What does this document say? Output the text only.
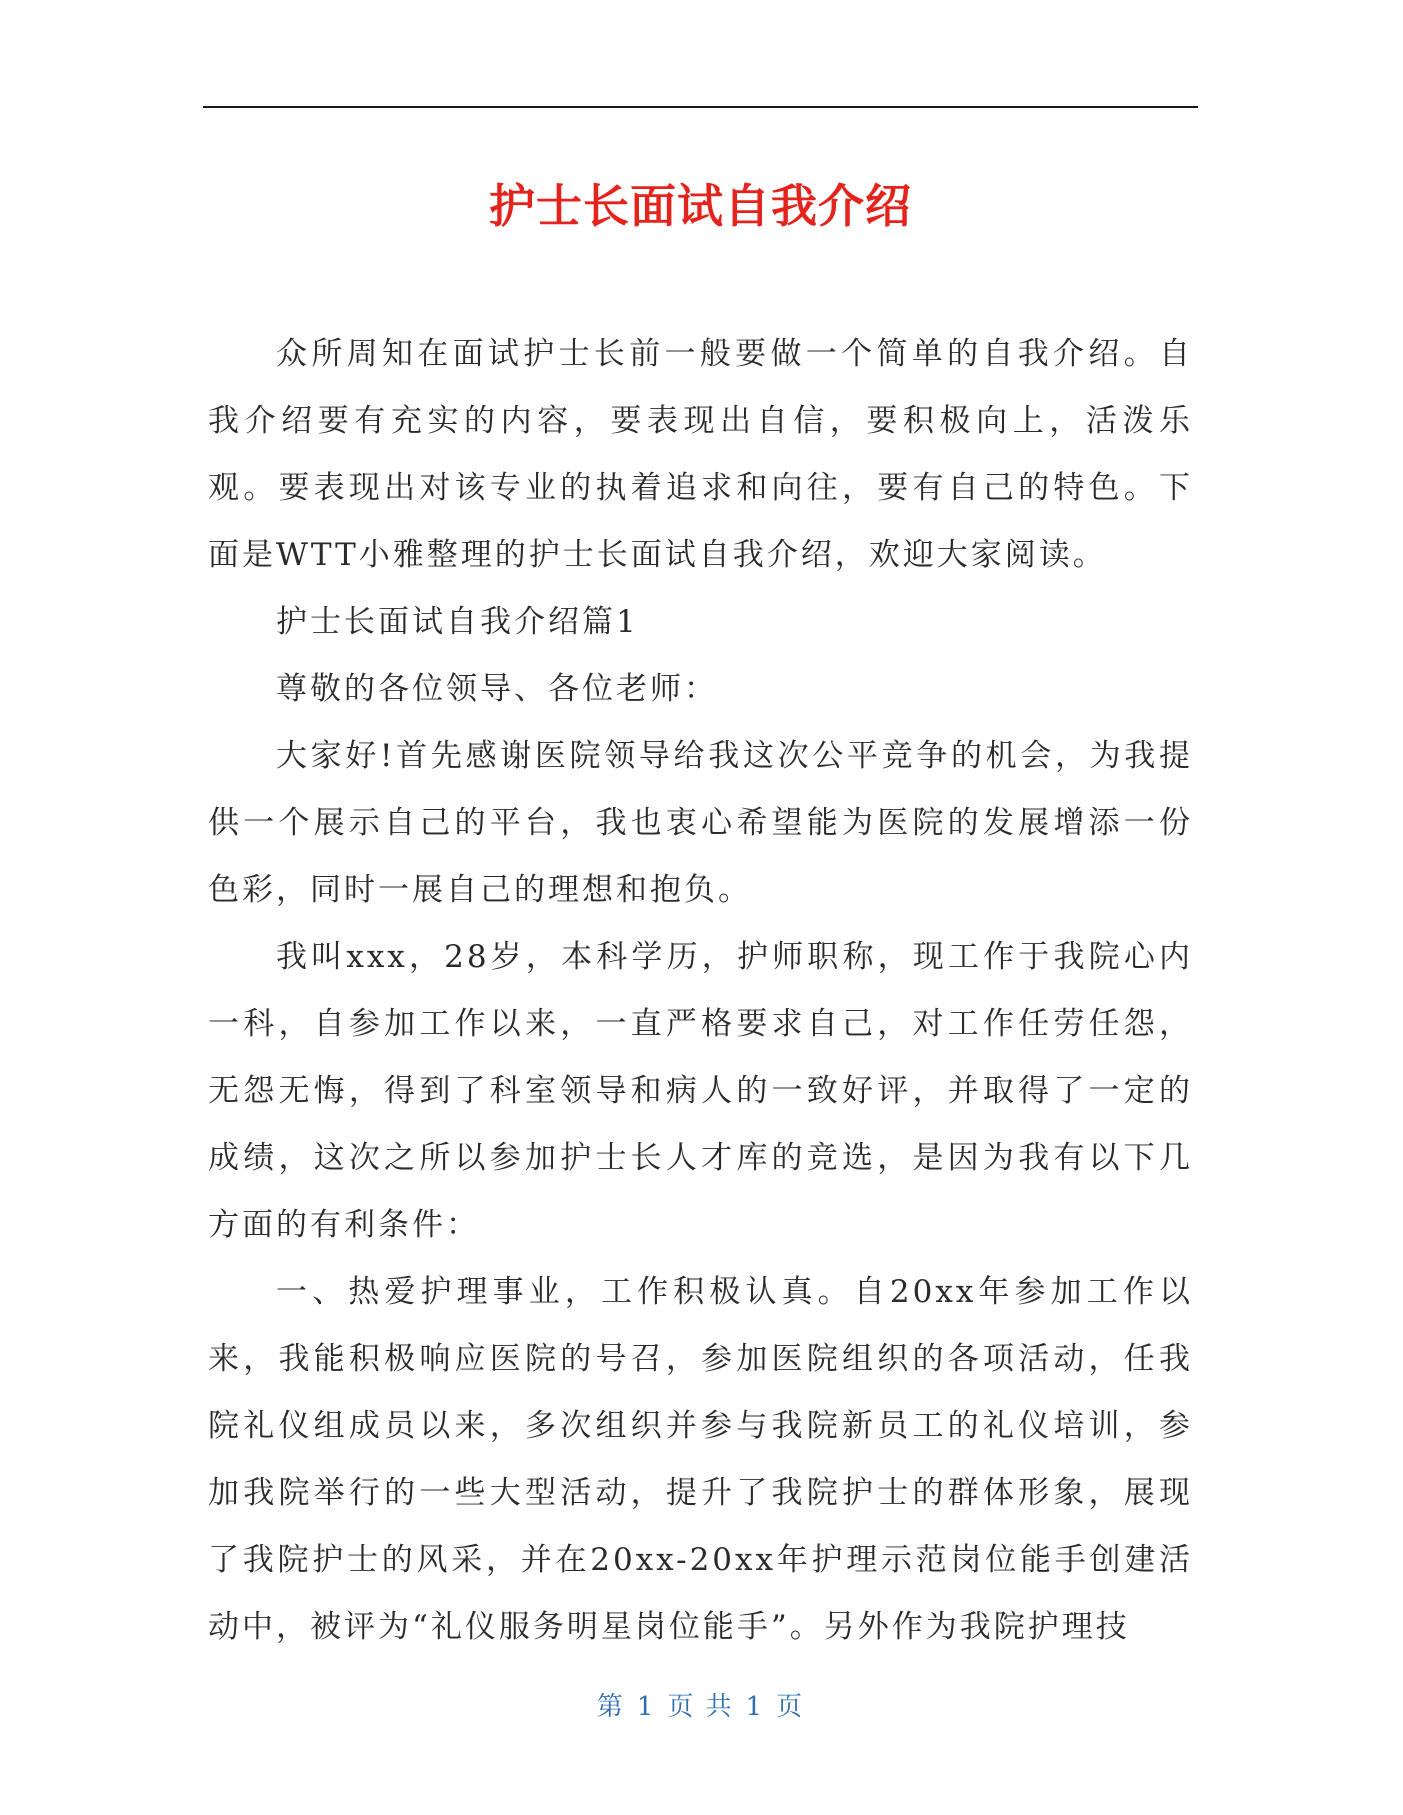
护士长面试自我介绍

众所周知在面试护士长前一般要做一个简单的自我介绍。自我介绍要有充实的内容，要表现出自信，要积极向上，活泼乐观。要表现出对该专业的执着追求和向往，要有自己的特色。下面是WTT小雅整理的护士长面试自我介绍，欢迎大家阅读。

护士长面试自我介绍篇1

尊敬的各位领导、各位老师：

大家好!首先感谢医院领导给我这次公平竞争的机会，为我提供一个展示自己的平台，我也衷心希望能为医院的发展增添一份色彩，同时一展自己的理想和抱负。

我叫xxx，28岁，本科学历，护师职称，现工作于我院心内一科，自参加工作以来，一直严格要求自己，对工作任劳任怨，无怨无悔，得到了科室领导和病人的一致好评，并取得了一定的成绩，这次之所以参加护士长人才库的竞选，是因为我有以下几方面的有利条件：

一、热爱护理事业，工作积极认真。自20xx年参加工作以来，我能积极响应医院的号召，参加医院组织的各项活动，任我院礼仪组成员以来，多次组织并参与我院新员工的礼仪培训，参加我院举行的一些大型活动，提升了我院护士的群体形象，展现了我院护士的风采，并在20xx-20xx年护理示范岗位能手创建活动中，被评为“礼仪服务明星岗位能手”。另外作为我院护理技

第 1 页 共 1 页
